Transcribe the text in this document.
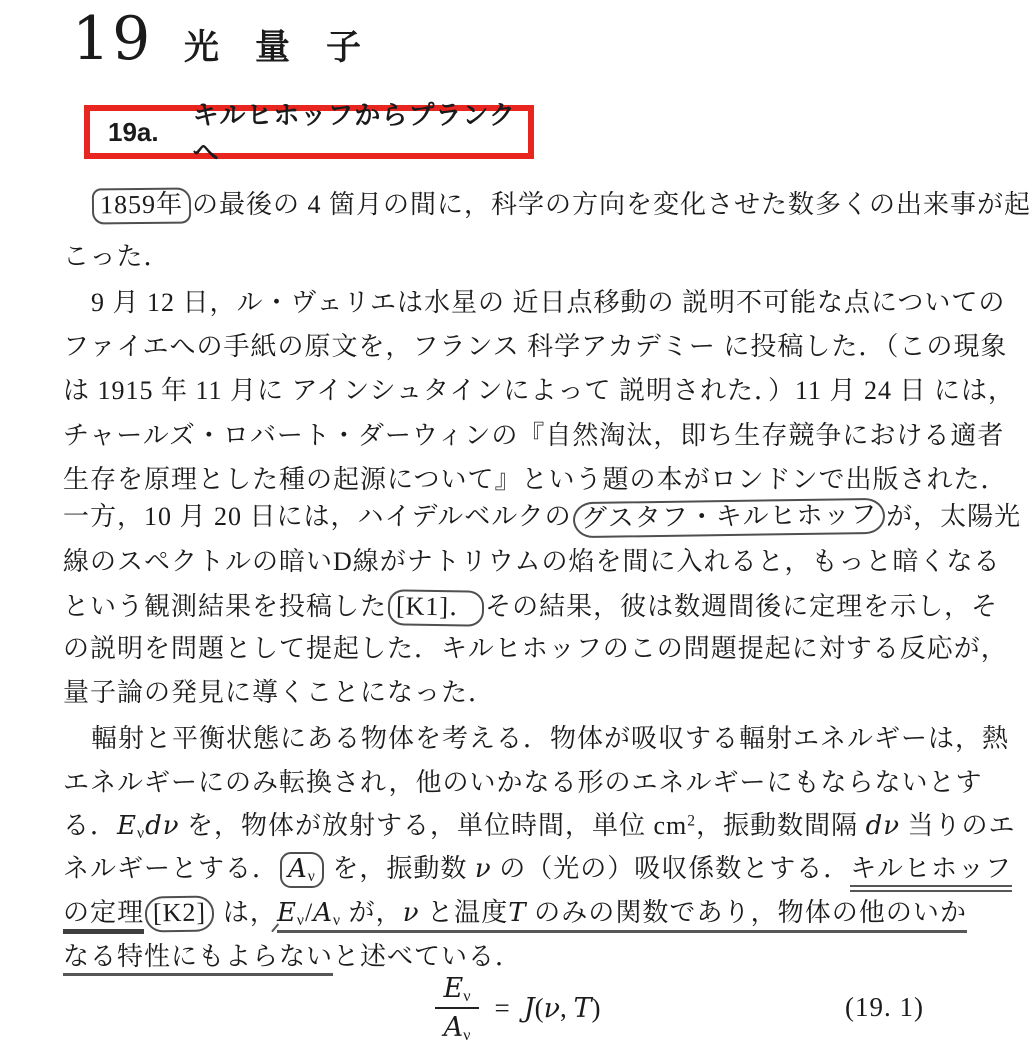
19 光量子
19a.
キルヒホッフからプランクへ
1859年 の最後の 4 箇月の間に，科学の方向を変化させた数多くの出来事が起
こった．
9 月 12 日，ル・ヴェリエは水星の 近日点移動の 説明不可能な点についての
ファイエへの手紙の原文を，フランス 科学アカデミー に投稿した．（この現象
は 1915 年 11 月に アインシュタインによって 説明された．）11 月 24 日 には，
チャールズ・ロバート・ダーウィンの『自然淘汰，即ち生存競争における適者
生存を原理とした種の起源について』という題の本がロンドンで出版された．
一方，10 月 20 日には，ハイデルベルクの グスタフ・キルヒホッフ が，太陽光
線のスペクトルの暗いD線がナトリウムの焰を間に入れると，もっと暗くなる
という観測結果を投稿した [K1]． その結果，彼は数週間後に定理を示し，そ
の説明を問題として提起した．キルヒホッフのこの問題提起に対する反応が，
量子論の発見に導くことになった．
輻射と平衡状態にある物体を考える．物体が吸収する輻射エネルギーは，熱
エネルギーにのみ転換され，他のいかなる形のエネルギーにもならないとす
る．$E_\nu d\nu$ を，物体が放射する，単位時間，単位 $cm^2$，振動数間隔 dν 当りのエ
ネルギーとする． $A_\nu$ を，振動数 ν の（光の）吸収係数とする．キルヒホッフ
の定理 [K2] は，$E_\nu/A_\nu$ が，ν と温度T のみの関数であり，物体の他のいか
なる特性にもよらないと述べている．
$\frac{E_\nu}{A_\nu} = J(\nu$, T)	(19. 1)
